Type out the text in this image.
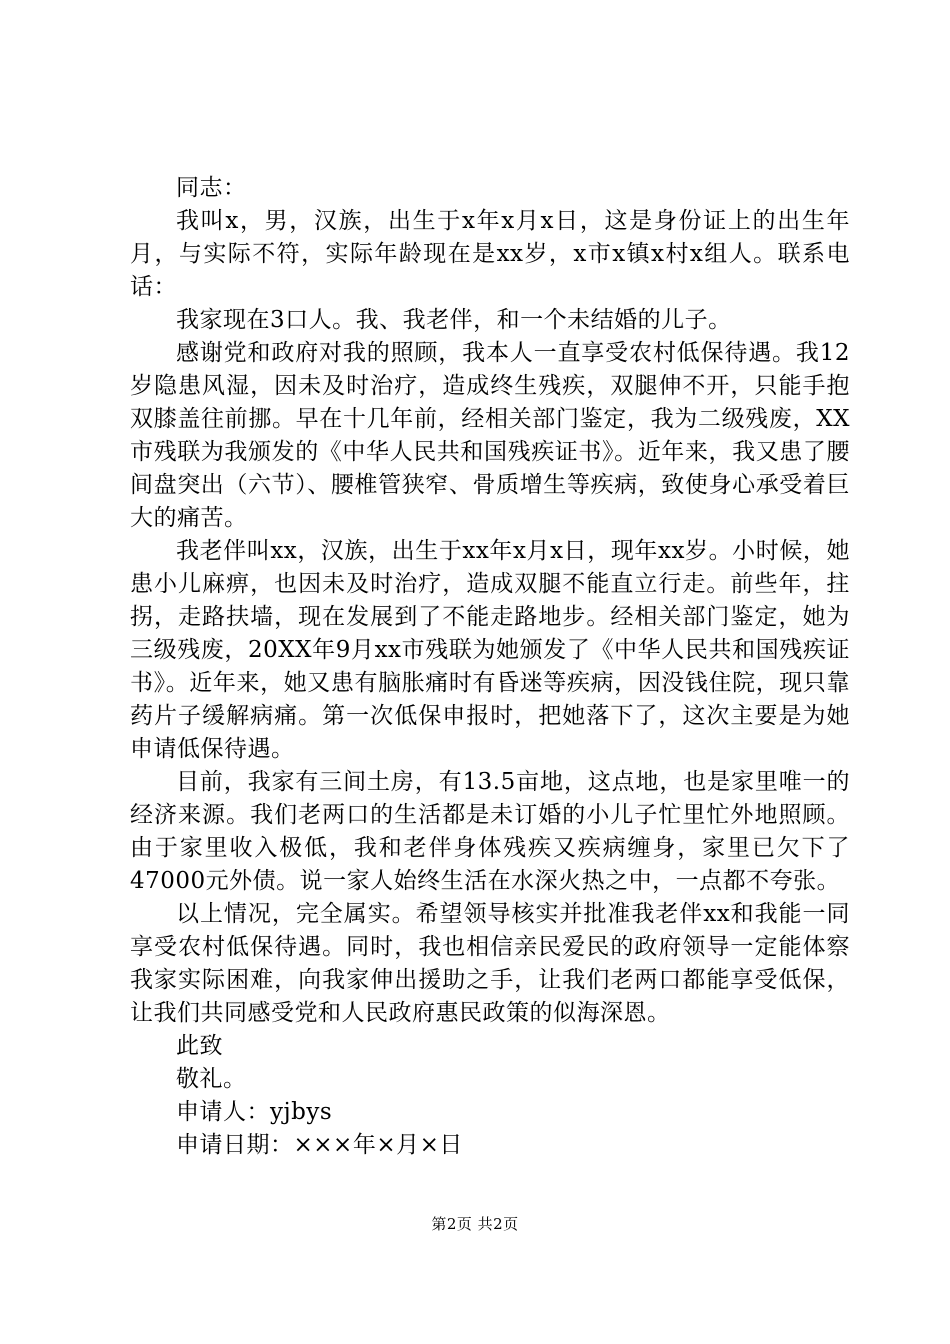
同志：

我叫x，男，汉族，出生于x年x月x日，这是身份证上的出生年月，与实际不符，实际年龄现在是xx岁，x市x镇x村x组人。联系电话：

我家现在3口人。我、我老伴，和一个未结婚的儿子。

感谢党和政府对我的照顾，我本人一直享受农村低保待遇。我12岁隐患风湿，因未及时治疗，造成终生残疾，双腿伸不开，只能手抱双膝盖往前挪。早在十几年前，经相关部门鉴定，我为二级残废，XX市残联为我颁发的《中华人民共和国残疾证书》。近年来，我又患了腰间盘突出（六节）、腰椎管狭窄、骨质增生等疾病，致使身心承受着巨大的痛苦。

我老伴叫xx，汉族，出生于xx年x月x日，现年xx岁。小时候，她患小儿麻痹，也因未及时治疗，造成双腿不能直立行走。前些年，拄拐，走路扶墙，现在发展到了不能走路地步。经相关部门鉴定，她为三级残废，20XX年9月xx市残联为她颁发了《中华人民共和国残疾证书》。近年来，她又患有脑胀痛时有昏迷等疾病，因没钱住院，现只靠药片子缓解病痛。第一次低保申报时，把她落下了，这次主要是为她申请低保待遇。

目前，我家有三间土房，有13.5亩地，这点地，也是家里唯一的经济来源。我们老两口的生活都是未订婚的小儿子忙里忙外地照顾。由于家里收入极低，我和老伴身体残疾又疾病缠身，家里已欠下了47000元外债。说一家人始终生活在水深火热之中，一点都不夸张。

以上情况，完全属实。希望领导核实并批准我老伴xx和我能一同享受农村低保待遇。同时，我也相信亲民爱民的政府领导一定能体察我家实际困难，向我家伸出援助之手，让我们老两口都能享受低保，让我们共同感受党和人民政府惠民政策的似海深恩。

此致

敬礼。

申请人：yjbys

申请日期：×××年×月×日

第2页 共2页
